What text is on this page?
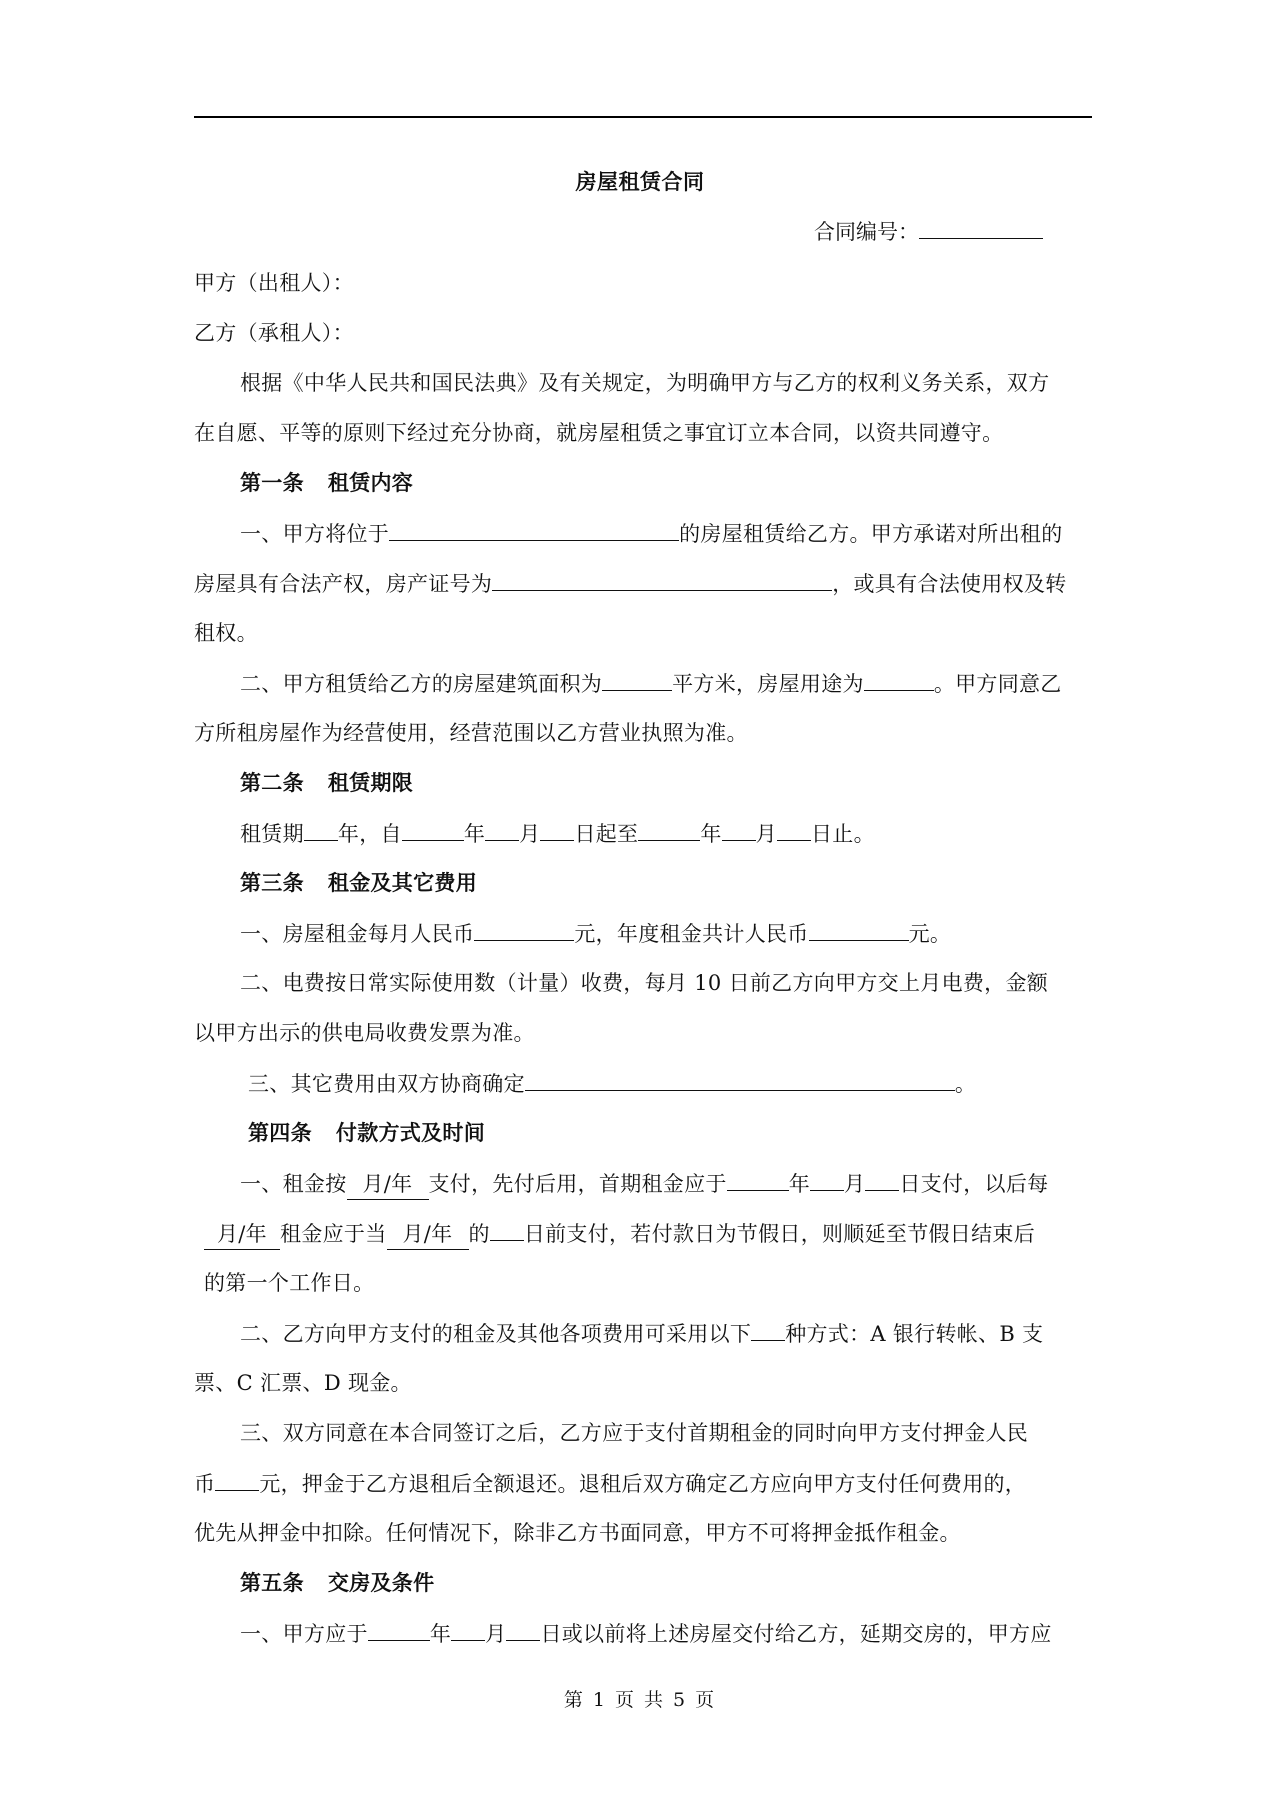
房屋租赁合同
合同编号：
甲方（出租人）：
乙方（承租人）：
根据《中华人民共和国民法典》及有关规定，为明确甲方与乙方的权利义务关系，双方
在自愿、平等的原则下经过充分协商，就房屋租赁之事宜订立本合同，以资共同遵守。
第一条 租赁内容
一、甲方将位于	的房屋租赁给乙方。甲方承诺对所出租的
房屋具有合法产权，房产证号为	，或具有合法使用权及转
租权。
二、甲方租赁给乙方的房屋建筑面积为	平方米，房屋用途为	。甲方同意乙
方所租房屋作为经营使用，经营范围以乙方营业执照为准。
第二条 租赁期限
租赁期 年，自	年 月 日起至	年 月 日止。
第三条 租金及其它费用
一、房屋租金每月人民币	元，年度租金共计人民币	元。
二、电费按日常实际使用数（计量）收费，每月 10 日前乙方向甲方交上月电费，金额
以甲方出示的供电局收费发票为准。
三、其它费用由双方协商确定	。
第四条 付款方式及时间
一、租金按 月/年 支付，先付后用，首期租金应于	年 月 日支付，以后每
月/年 租金应于当 月/年 的 日前支付，若付款日为节假日，则顺延至节假日结束后
的第一个工作日。
二、乙方向甲方支付的租金及其他各项费用可采用以下 种方式：A 银行转帐、B 支
票、C 汇票、D 现金。
三、双方同意在本合同签订之后，乙方应于支付首期租金的同时向甲方支付押金人民
币 元，押金于乙方退租后全额退还。退租后双方确定乙方应向甲方支付任何费用的，
优先从押金中扣除。任何情况下，除非乙方书面同意，甲方不可将押金抵作租金。
第五条 交房及条件
一、甲方应于	年 月 日或以前将上述房屋交付给乙方，延期交房的，甲方应
第 1 页 共 5 页
